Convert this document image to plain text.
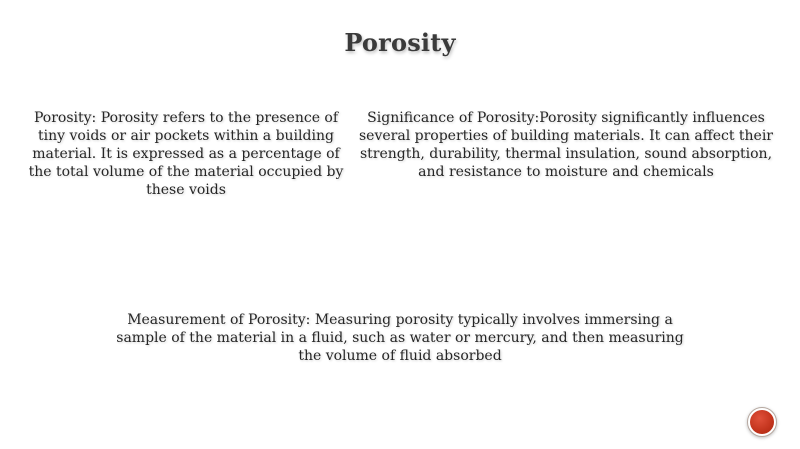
Porosity
Porosity: Porosity refers to the presence of tiny voids or air pockets within a building material. It is expressed as a percentage of the total volume of the material occupied by these voids
Significance of Porosity:Porosity significantly influences several properties of building materials. It can affect their strength, durability, thermal insulation, sound absorption, and resistance to moisture and chemicals
Measurement of Porosity: Measuring porosity typically involves immersing a sample of the material in a fluid, such as water or mercury, and then measuring the volume of fluid absorbed
